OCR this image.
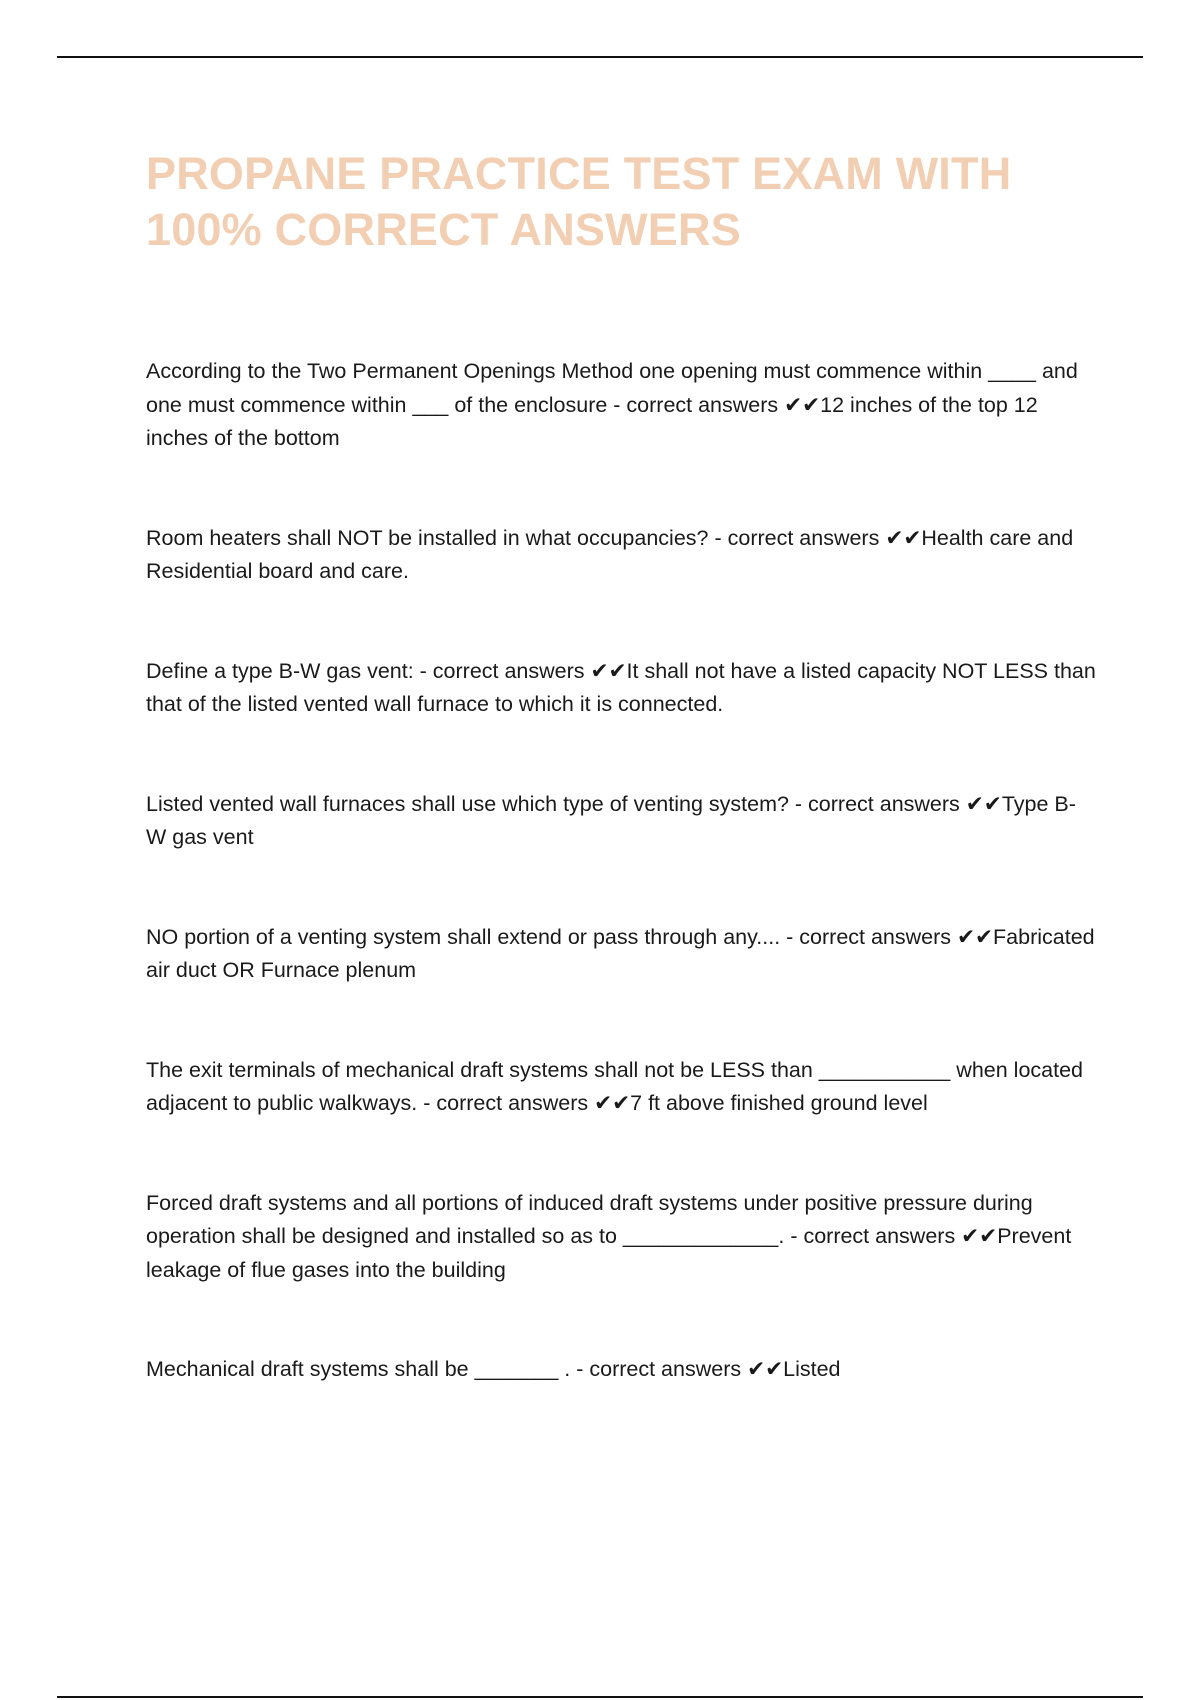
PROPANE PRACTICE TEST EXAM WITH 100% CORRECT ANSWERS

According to the Two Permanent Openings Method one opening must commence within ____ and one must commence within ___ of the enclosure - correct answers ✔✔12 inches of the top 12 inches of the bottom

Room heaters shall NOT be installed in what occupancies? - correct answers ✔✔Health care and Residential board and care.

Define a type B-W gas vent: - correct answers ✔✔It shall not have a listed capacity NOT LESS than that of the listed vented wall furnace to which it is connected.

Listed vented wall furnaces shall use which type of venting system? - correct answers ✔✔Type B-W gas vent

NO portion of a venting system shall extend or pass through any.... - correct answers ✔✔Fabricated air duct OR Furnace plenum

The exit terminals of mechanical draft systems shall not be LESS than ___________ when located adjacent to public walkways. - correct answers ✔✔7 ft above finished ground level

Forced draft systems and all portions of induced draft systems under positive pressure during operation shall be designed and installed so as to _____________. - correct answers ✔✔Prevent leakage of flue gases into the building

Mechanical draft systems shall be _______ . - correct answers ✔✔Listed
